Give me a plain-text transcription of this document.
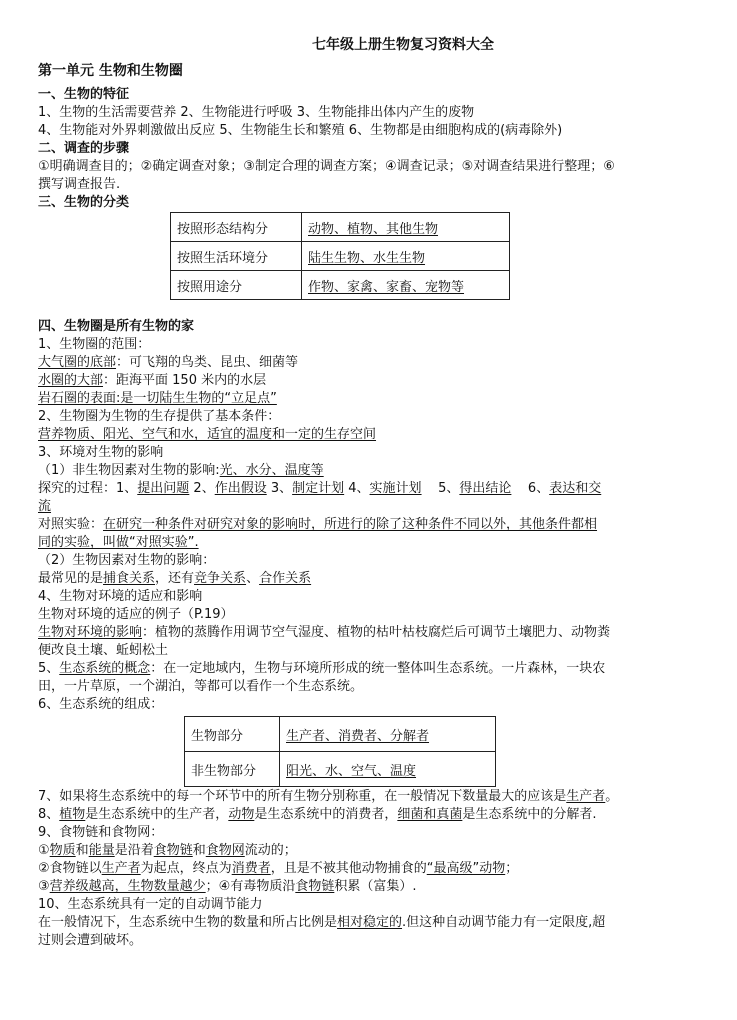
七年级上册生物复习资料大全
第一单元 生物和生物圈
一、生物的特征
1、生物的生活需要营养 2、生物能进行呼吸 3、生物能排出体内产生的废物
4、生物能对外界刺激做出反应 5、生物能生长和繁殖 6、生物都是由细胞构成的(病毒除外)
二、调查的步骤
①明确调查目的；②确定调查对象；③制定合理的调查方案；④调查记录；⑤对调查结果进行整理；⑥
撰写调查报告.
三、生物的分类
按照形态结构分	动物、植物、其他生物
按照生活环境分	陆生生物、水生生物
按照用途分	作物、家禽、家畜、宠物等
四、生物圈是所有生物的家
1、生物圈的范围：
大气圈的底部：可飞翔的鸟类、昆虫、细菌等
水圈的大部：距海平面 150 米内的水层
岩石圈的表面:是一切陆生生物的“立足点”
2、生物圈为生物的生存提供了基本条件：
营养物质、阳光、空气和水，适宜的温度和一定的生存空间
3、环境对生物的影响
（1）非生物因素对生物的影响:光、水分、温度等
探究的过程：1、提出问题 2、作出假设 3、制定计划 4、实施计划    5、得出结论    6、表达和交
流
对照实验：在研究一种条件对研究对象的影响时，所进行的除了这种条件不同以外，其他条件都相
同的实验，叫做“对照实验”.
（2）生物因素对生物的影响：
最常见的是捕食关系，还有竞争关系、合作关系
4、生物对环境的适应和影响
生物对环境的适应的例子（P.19）
生物对环境的影响：植物的蒸腾作用调节空气湿度、植物的枯叶枯枝腐烂后可调节土壤肥力、动物粪
便改良土壤、蚯蚓松土
5、生态系统的概念：在一定地域内，生物与环境所形成的统一整体叫生态系统。一片森林，一块农
田，一片草原，一个湖泊，等都可以看作一个生态系统。
6、生态系统的组成：
生物部分	生产者、消费者、分解者
非生物部分	阳光、水、空气、温度
7、如果将生态系统中的每一个环节中的所有生物分别称重，在一般情况下数量最大的应该是生产者。
8、植物是生态系统中的生产者，动物是生态系统中的消费者，细菌和真菌是生态系统中的分解者.
9、食物链和食物网：
①物质和能量是沿着食物链和食物网流动的；
②食物链以生产者为起点，终点为消费者，且是不被其他动物捕食的“最高级”动物；
③营养级越高，生物数量越少；④有毒物质沿食物链积累（富集）.
10、生态系统具有一定的自动调节能力
在一般情况下，生态系统中生物的数量和所占比例是相对稳定的.但这种自动调节能力有一定限度,超
过则会遭到破坏。
